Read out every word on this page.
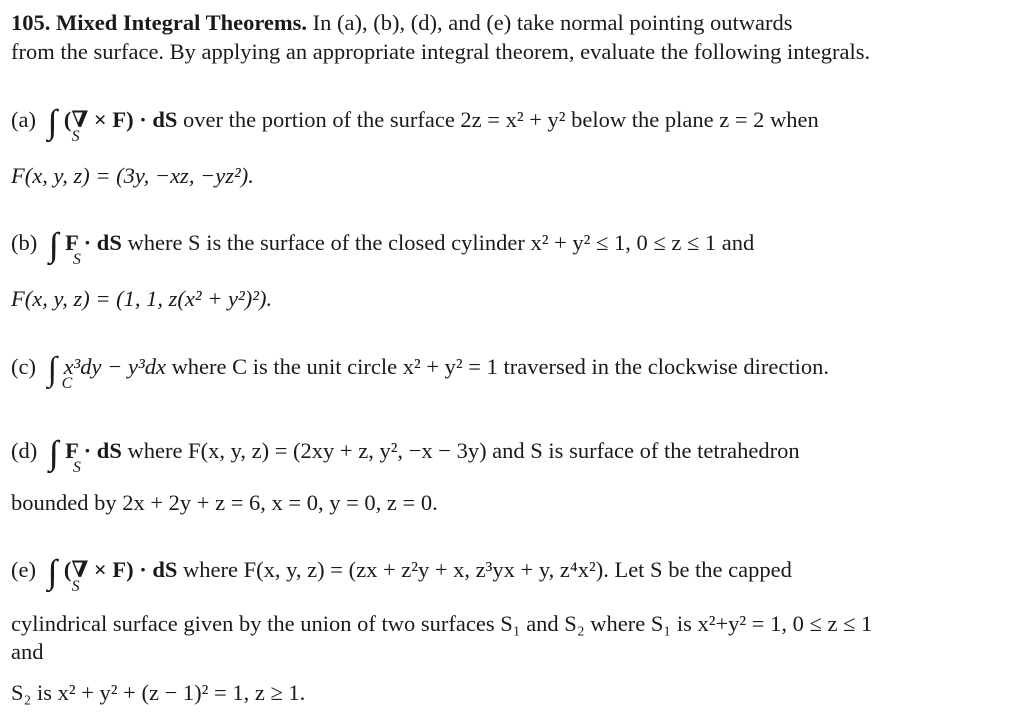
105. Mixed Integral Theorems. In (a), (b), (d), and (e) take normal pointing outwards
from the surface. By applying an appropriate integral theorem, evaluate the following integrals.
(a) ∫∫ S
(∇ × F) · dS over the portion of the surface 2z = x² + y² below the plane z = 2 when
F(x, y, z) = (3y, −xz, −yz²).
(b) ∫∫ S
F · dS where S is the surface of the closed cylinder x² + y² ≤ 1, 0 ≤ z ≤ 1 and
F(x, y, z) = (1, 1, z(x² + y²)²).
(c) ∫ C
x³dy − y³dx where C is the unit circle x² + y² = 1 traversed in the clockwise direction.
(d) ∫∫ S
F · dS where F(x, y, z) = (2xy + z, y², −x − 3y) and S is surface of the tetrahedron
bounded by 2x + 2y + z = 6, x = 0, y = 0, z = 0.
(e) ∫∫ S
(∇ × F) · dS where F(x, y, z) = (zx + z²y + x, z³yx + y, z⁴x²). Let S be the capped
cylindrical surface given by the union of two surfaces S₁ and S₂ where S₁ is x²+y² = 1, 0 ≤ z ≤ 1
and
S₂ is x² + y² + (z − 1)² = 1, z ≥ 1.
